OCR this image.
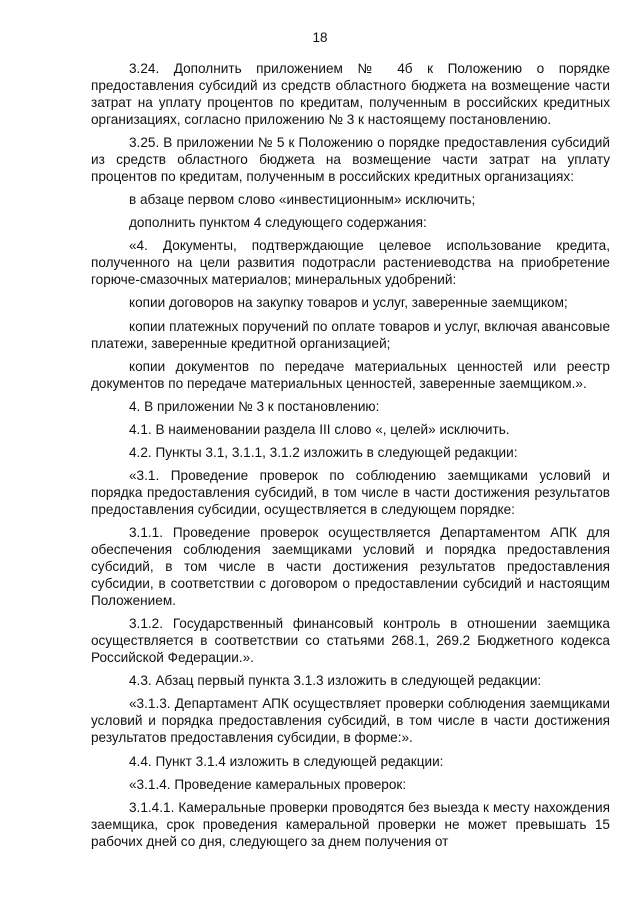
18

3.24. Дополнить приложением № 4б к Положению о порядке предоставления субсидий из средств областного бюджета на возмещение части затрат на уплату процентов по кредитам, полученным в российских кредитных организациях, согласно приложению № 3 к настоящему постановлению.

3.25. В приложении № 5 к Положению о порядке предоставления субсидий из средств областного бюджета на возмещение части затрат на уплату процентов по кредитам, полученным в российских кредитных организациях:

в абзаце первом слово «инвестиционным» исключить;

дополнить пунктом 4 следующего содержания:

«4. Документы, подтверждающие целевое использование кредита, полученного на цели развития подотрасли растениеводства на приобретение горюче-смазочных материалов; минеральных удобрений:

копии договоров на закупку товаров и услуг, заверенные заемщиком;

копии платежных поручений по оплате товаров и услуг, включая авансовые платежи, заверенные кредитной организацией;

копии документов по передаче материальных ценностей или реестр документов по передаче материальных ценностей, заверенные заемщиком.».

4. В приложении № 3 к постановлению:

4.1. В наименовании раздела III слово «, целей» исключить.

4.2. Пункты 3.1, 3.1.1, 3.1.2 изложить в следующей редакции:

«3.1. Проведение проверок по соблюдению заемщиками условий и порядка предоставления субсидий, в том числе в части достижения результатов предоставления субсидии, осуществляется в следующем порядке:

3.1.1. Проведение проверок осуществляется Департаментом АПК для обеспечения соблюдения заемщиками условий и порядка предоставления субсидий, в том числе в части достижения результатов предоставления субсидии, в соответствии с договором о предоставлении субсидий и настоящим Положением.

3.1.2. Государственный финансовый контроль в отношении заемщика осуществляется в соответствии со статьями 268.1, 269.2 Бюджетного кодекса Российской Федерации.».

4.3. Абзац первый пункта 3.1.3 изложить в следующей редакции:

«3.1.3. Департамент АПК осуществляет проверки соблюдения заемщиками условий и порядка предоставления субсидий, в том числе в части достижения результатов предоставления субсидии, в форме:».

4.4. Пункт 3.1.4 изложить в следующей редакции:

«3.1.4. Проведение камеральных проверок:

3.1.4.1. Камеральные проверки проводятся без выезда к месту нахождения заемщика, срок проведения камеральной проверки не может превышать 15 рабочих дней со дня, следующего за днем получения от
